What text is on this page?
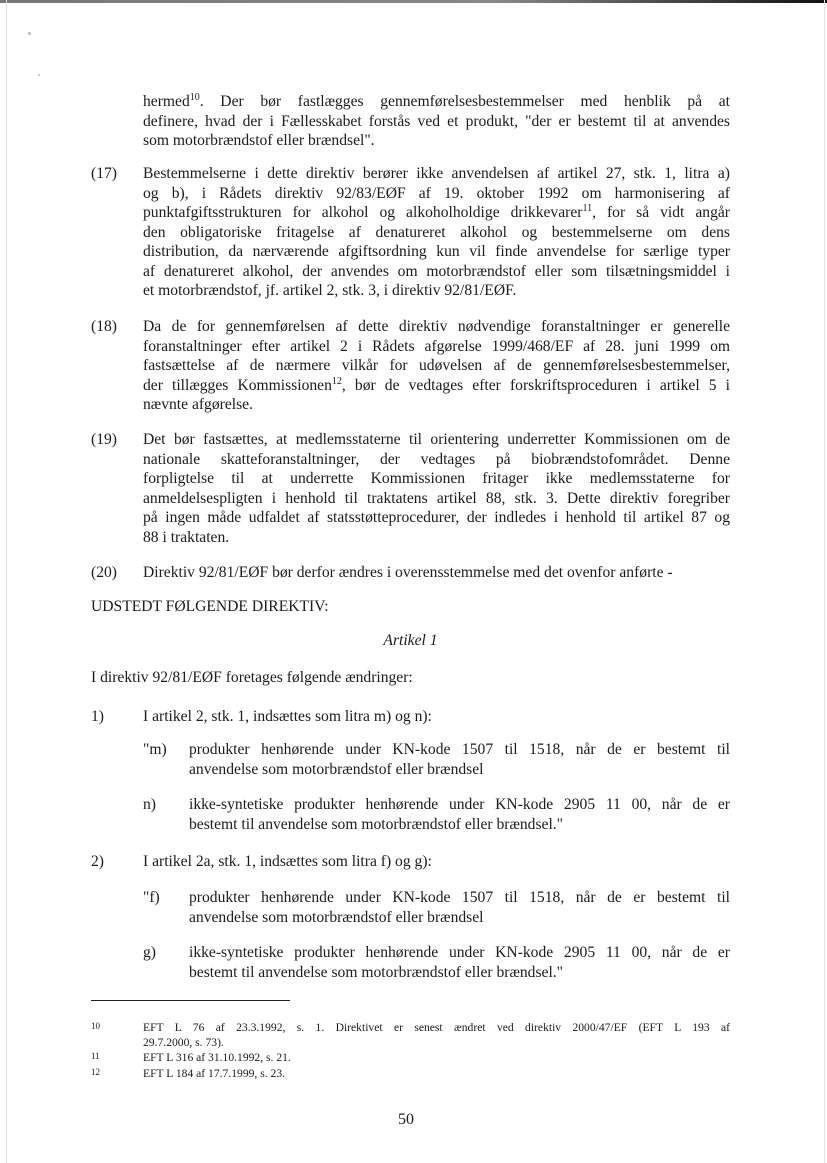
hermed$^{10}$. Der bør fastlægges gennemførelsesbestemmelser med henblik på at
definere, hvad der i Fællesskabet forstås ved et produkt, "der er bestemt til at anvendes
som motorbrændstof eller brændsel".
(17) Bestemmelserne i dette direktiv berører ikke anvendelsen af artikel 27, stk. 1, litra a)
og b), i Rådets direktiv 92/83/EØF af 19. oktober 1992 om harmonisering af
punktafgiftsstrukturen for alkohol og alkoholholdige drikkevarer$^{11}$, for så vidt angår
den obligatoriske fritagelse af denatureret alkohol og bestemmelserne om dens
distribution, da nærværende afgiftsordning kun vil finde anvendelse for særlige typer
af denatureret alkohol, der anvendes om motorbrændstof eller som tilsætningsmiddel i
et motorbrændstof, jf. artikel 2, stk. 3, i direktiv 92/81/EØF.
(18) Da de for gennemførelsen af dette direktiv nødvendige foranstaltninger er generelle
foranstaltninger efter artikel 2 i Rådets afgørelse 1999/468/EF af 28. juni 1999 om
fastsættelse af de nærmere vilkår for udøvelsen af de gennemførelsesbestemmelser,
der tillægges Kommissionen$^{12}$, bør de vedtages efter forskriftsproceduren i artikel 5 i
nævnte afgørelse.
(19) Det bør fastsættes, at medlemsstaterne til orientering underretter Kommissionen om de
nationale skatteforanstaltninger, der vedtages på biobrændstofområdet. Denne
forpligtelse til at underrette Kommissionen fritager ikke medlemsstaterne for
anmeldelsespligten i henhold til traktatens artikel 88, stk. 3. Dette direktiv foregriber
på ingen måde udfaldet af statsstøtteprocedurer, der indledes i henhold til artikel 87 og
88 i traktaten.
(20) Direktiv 92/81/EØF bør derfor ændres i overensstemmelse med det ovenfor anførte -
UDSTEDT FØLGENDE DIREKTIV:
Artikel 1
I direktiv 92/81/EØF foretages følgende ændringer:
1)	I artikel 2, stk. 1, indsættes som litra m) og n):
"m) produkter henhørende under KN-kode 1507 til 1518, når de er bestemt til
anvendelse som motorbrændstof eller brændsel
n) ikke-syntetiske produkter henhørende under KN-kode 2905 11 00, når de er
bestemt til anvendelse som motorbrændstof eller brændsel."
2)	I artikel 2a, stk. 1, indsættes som litra f) og g):
"f) produkter henhørende under KN-kode 1507 til 1518, når de er bestemt til
anvendelse som motorbrændstof eller brændsel
g) ikke-syntetiske produkter henhørende under KN-kode 2905 11 00, når de er
bestemt til anvendelse som motorbrændstof eller brændsel."
10	EFT L 76 af 23.3.1992, s. 1. Direktivet er senest ændret ved direktiv 2000/47/EF (EFT L 193 af
29.7.2000, s. 73).
11	EFT L 316 af 31.10.1992, s. 21.
12	EFT L 184 af 17.7.1999, s. 23.
50
